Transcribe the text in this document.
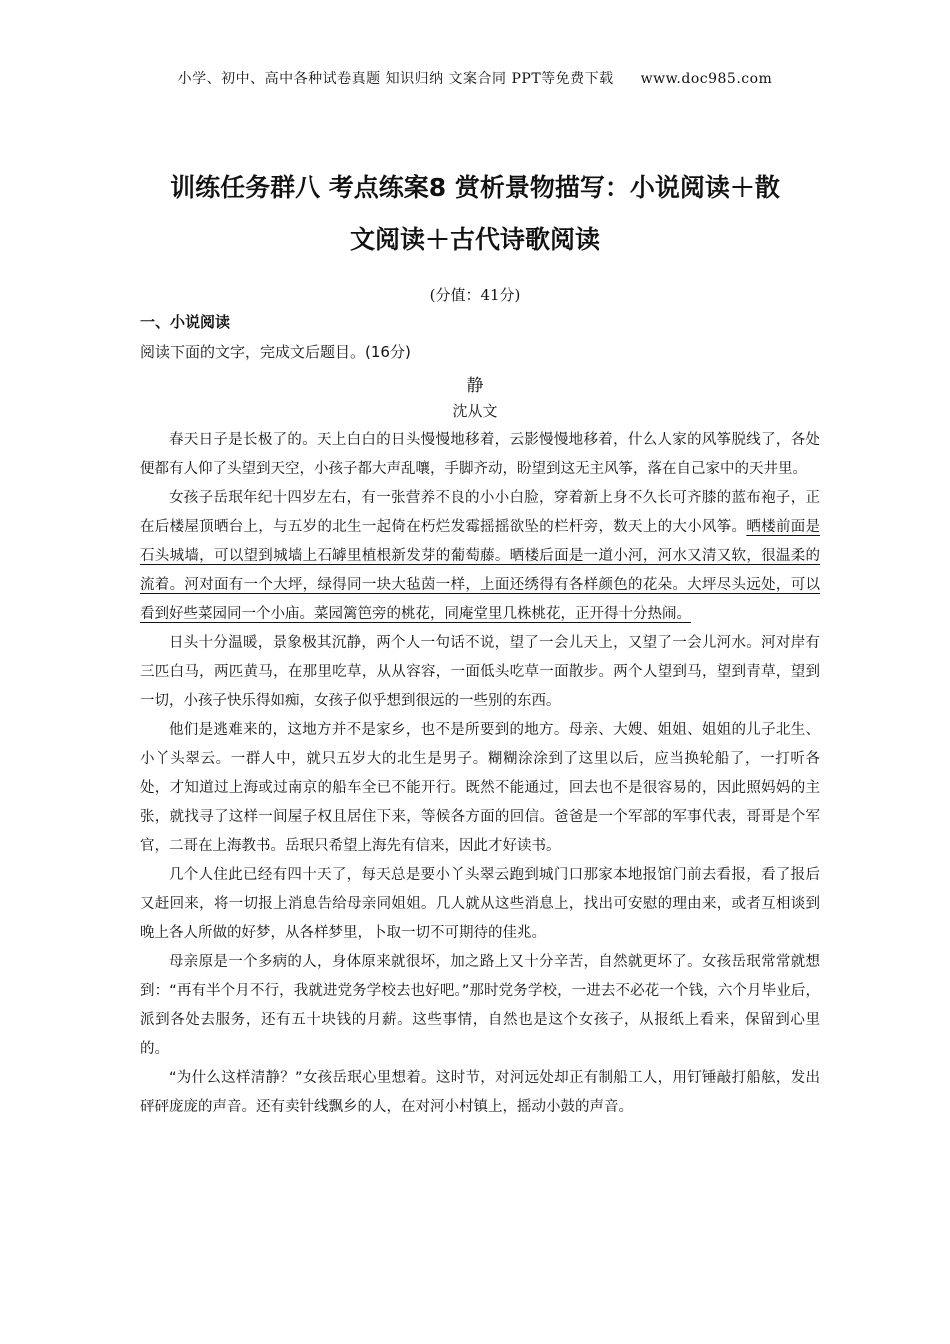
小学、初中、高中各种试卷真题 知识归纳 文案合同 PPT等免费下载 www.doc985.com
训练任务群八 考点练案8 赏析景物描写：小说阅读＋散
文阅读＋古代诗歌阅读
(分值：41分)
一、小说阅读
阅读下面的文字，完成文后题目。(16分)
静
沈从文

春天日子是长极了的。天上白白的日头慢慢地移着，云影慢慢地移着，什么人家的风筝脱线了，各处便都有人仰了头望到天空，小孩子都大声乱嚷，手脚齐动，盼望到这无主风筝，落在自己家中的天井里。

女孩子岳珉年纪十四岁左右，有一张营养不良的小小白脸，穿着新上身不久长可齐膝的蓝布袍子，正在后楼屋顶晒台上，与五岁的北生一起倚在朽烂发霉摇摇欲坠的栏杆旁，数天上的大小风筝。晒楼前面是石头城墙，可以望到城墙上石罅里植根新发芽的葡萄藤。晒楼后面是一道小河，河水又清又软，很温柔的流着。河对面有一个大坪，绿得同一块大毡茵一样，上面还绣得有各样颜色的花朵。大坪尽头远处，可以看到好些菜园同一个小庙。菜园篱笆旁的桃花，同庵堂里几株桃花，正开得十分热闹。

日头十分温暖，景象极其沉静，两个人一句话不说，望了一会儿天上，又望了一会儿河水。河对岸有三匹白马，两匹黄马，在那里吃草，从从容容，一面低头吃草一面散步。两个人望到马，望到青草，望到一切，小孩子快乐得如痴，女孩子似乎想到很远的一些别的东西。

他们是逃难来的，这地方并不是家乡，也不是所要到的地方。母亲、大嫂、姐姐、姐姐的儿子北生、小丫头翠云。一群人中，就只五岁大的北生是男子。糊糊涂涂到了这里以后，应当换轮船了，一打听各处，才知道过上海或过南京的船车全已不能开行。既然不能通过，回去也不是很容易的，因此照妈妈的主张，就找寻了这样一间屋子权且居住下来，等候各方面的回信。爸爸是一个军部的军事代表，哥哥是个军官，二哥在上海教书。岳珉只希望上海先有信来，因此才好读书。

几个人住此已经有四十天了，每天总是要小丫头翠云跑到城门口那家本地报馆门前去看报，看了报后又赶回来，将一切报上消息告给母亲同姐姐。几人就从这些消息上，找出可安慰的理由来，或者互相谈到晚上各人所做的好梦，从各样梦里，卜取一切不可期待的佳兆。

母亲原是一个多病的人，身体原来就很坏，加之路上又十分辛苦，自然就更坏了。女孩岳珉常常就想到：“再有半个月不行，我就进党务学校去也好吧。”那时党务学校，一进去不必花一个钱，六个月毕业后，派到各处去服务，还有五十块钱的月薪。这些事情，自然也是这个女孩子，从报纸上看来，保留到心里的。

“为什么这样清静？”女孩岳珉心里想着。这时节，对河远处却正有制船工人，用钉锤敲打船舷，发出砰砰庞庞的声音。还有卖针线飘乡的人，在对河小村镇上，摇动小鼓的声音。
